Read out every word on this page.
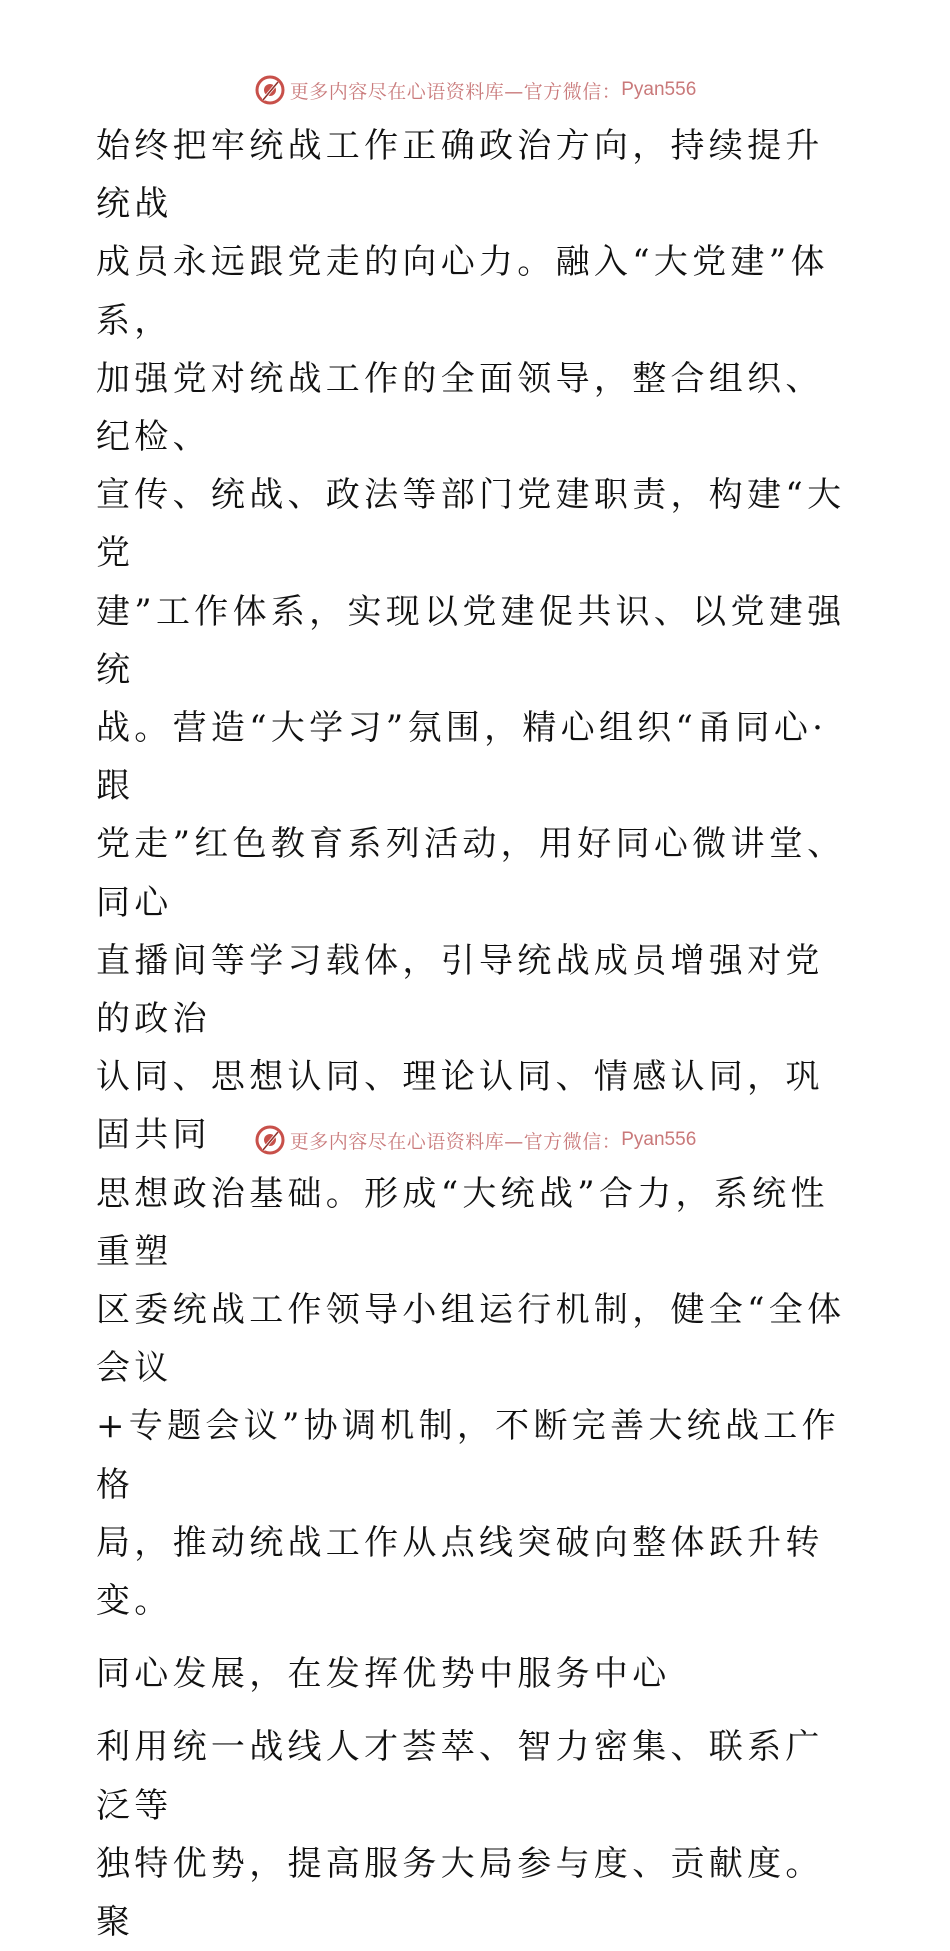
更多内容尽在心语资料库—官方微信： Pyan556

始终把牢统战工作正确政治方向，持续提升统战
成员永远跟党走的向心力。融入“大党建”体系，
加强党对统战工作的全面领导，整合组织、纪检、
宣传、统战、政法等部门党建职责，构建“大党
建”工作体系，实现以党建促共识、以党建强统
战。营造“大学习”氛围，精心组织“甬同心·跟
党走”红色教育系列活动，用好同心微讲堂、同心
直播间等学习载体，引导统战成员增强对党的政治
认同、思想认同、理论认同、情感认同，巩固共同
思想政治基础。形成“大统战”合力，系统性重塑
区委统战工作领导小组运行机制，健全“全体会议
+专题会议”协调机制，不断完善大统战工作格
局，推动统战工作从点线突破向整体跃升转变。

同心发展，在发挥优势中服务中心

利用统一战线人才荟萃、智力密集、联系广泛等
独特优势，提高服务大局参与度、贡献度。聚

更多内容尽在心语资料库—官方微信： Pyan556
